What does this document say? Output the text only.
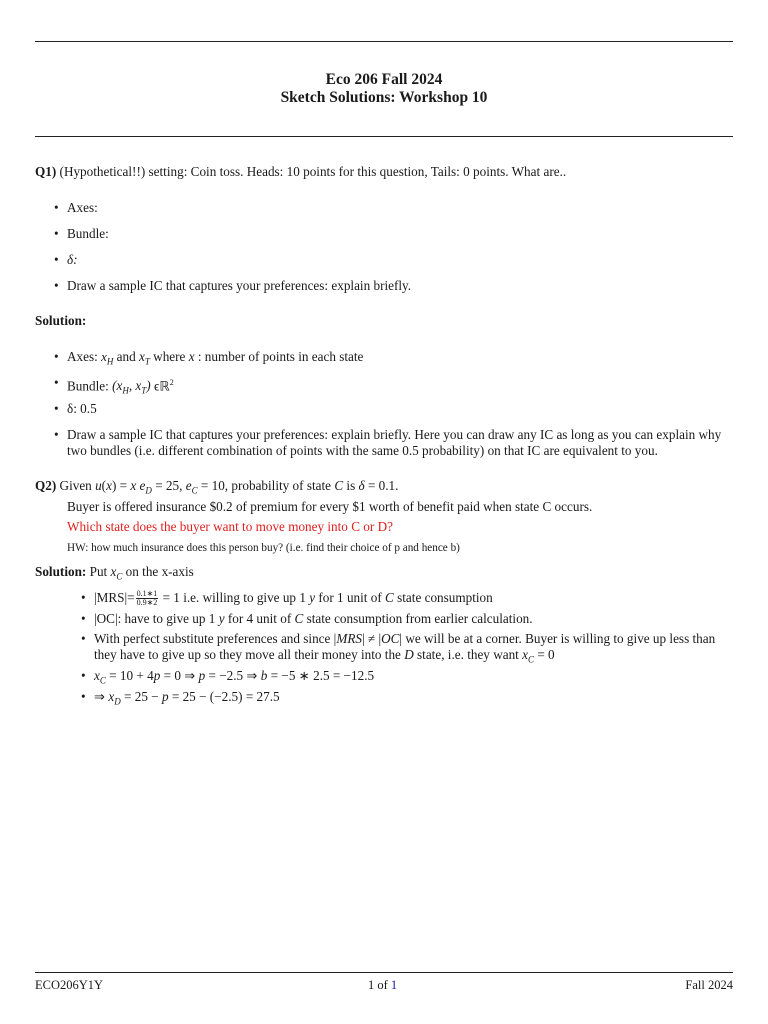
Eco 206 Fall 2024
Sketch Solutions: Workshop 10
Q1) (Hypothetical!!) setting: Coin toss. Heads: 10 points for this question, Tails: 0 points. What are..
• Axes:
• Bundle:
• δ:
• Draw a sample IC that captures your preferences: explain briefly.
Solution:
• Axes: $x_H$ and $x_T$ where x : number of points in each state
• Bundle: ($x_H$, $x_T$) ϵℝ$^2$
• δ: 0.5
• Draw a sample IC that captures your preferences: explain briefly. Here you can draw any IC as long as you can explain why two bundles (i.e. different combination of points with the same 0.5 probability) on that IC are equivalent to you.
Q2) Given u(x) = x $e_D = 25$, $e_C = 10$, probability of state C is δ = 0.1.
Buyer is offered insurance $0.2 of premium for every $1 worth of benefit paid when state C occurs.
Which state does the buyer want to move money into C or D?
HW: how much insurance does this person buy? (i.e. find their choice of p and hence b)
Solution: Put $x_C$ on the x-axis
• $|MRS|= \frac{0.1∗1}{0.9∗2} = 1$ i.e. willing to give up 1 y for 1 unit of C state consumption
• |OC|: have to give up 1 y for 4 unit of C state consumption from earlier calculation.
• With perfect substitute preferences and since |MRS| ≠ |OC| we will be at a corner. Buyer is willing to give up less than they have to give up so they move all their money into the D state, i.e. they want $x_C = 0$
• $x_C = 10 + 4p = 0$ ⇒ p = −2.5 ⇒ b = −5 ∗ 2.5 = −12.5
• ⇒ $x_D = 25 - p = 25 - (-2.5) = 27.5$
ECO206Y1Y	1 of 1	Fall 2024
